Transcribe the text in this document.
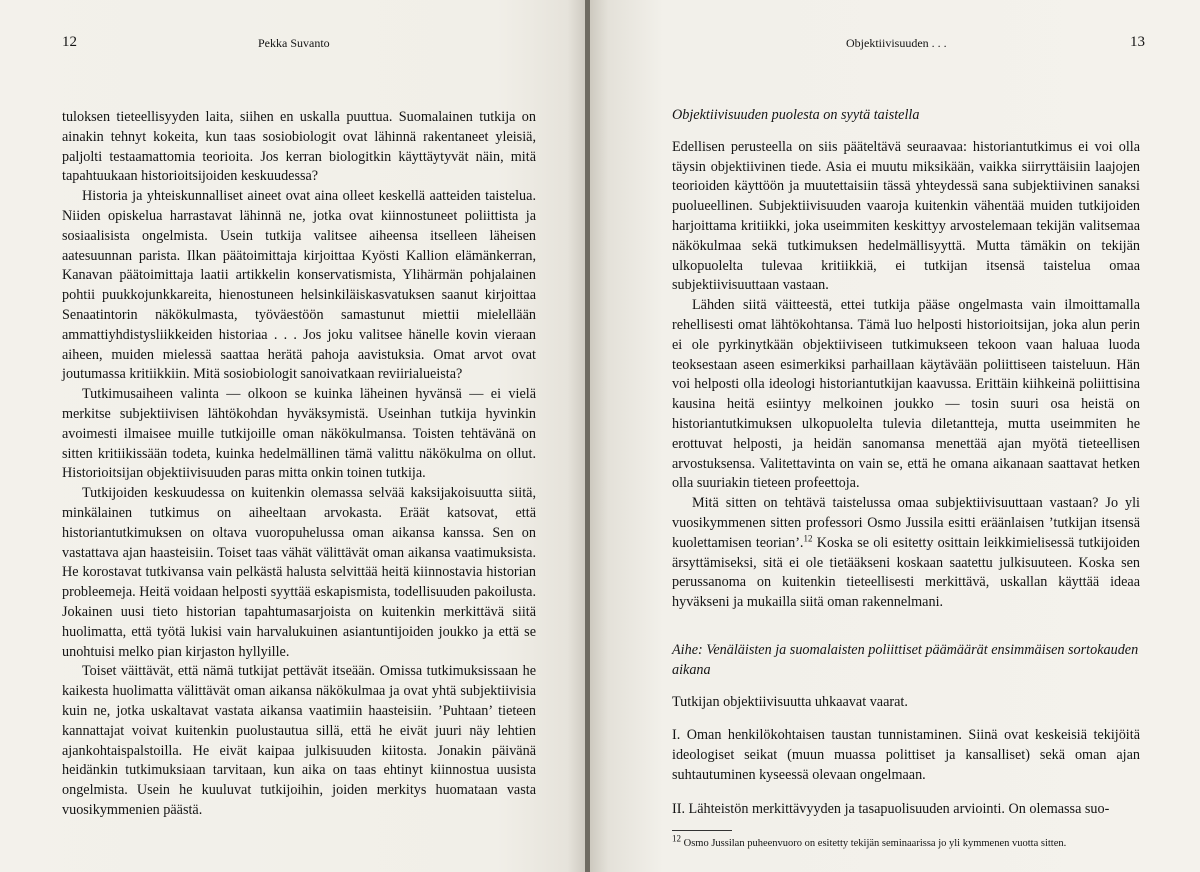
12	Pekka Suvanto

tuloksen tieteellisyyden laita, siihen en uskalla puuttua. Suomalainen tutkija on ainakin tehnyt kokeita, kun taas sosiobiologit ovat lähinnä rakentaneet yleisiä, paljolti testaamattomia teorioita. Jos kerran biologitkin käyttäytyvät näin, mitä tapahtuukaan historioitsijoiden keskuudessa?

Historia ja yhteiskunnalliset aineet ovat aina olleet keskellä aatteiden taistelua. Niiden opiskelua harrastavat lähinnä ne, jotka ovat kiinnostuneet poliittista ja sosiaalisista ongelmista. Usein tutkija valitsee aiheensa itselleen läheisen aatesuunnan parista. Ilkan päätoimittaja kirjoittaa Kyösti Kallion elämänkerran, Kanavan päätoimittaja laatii artikkelin konservatismista, Ylihärmän pohjalainen pohtii puukkojunkkareita, hienostuneen helsinkiläiskasvatuksen saanut kirjoittaa Senaatintorin näkökulmasta, työväestöön samastunut miettii mielellään ammattiyhdistysliikkeiden historiaa . . . Jos joku valitsee hänelle kovin vieraan aiheen, muiden mielessä saattaa herätä pahoja aavistuksia. Omat arvot ovat joutumassa kritiikkiin. Mitä sosiobiologit sanoivatkaan reviirialueista?

Tutkimusaiheen valinta — olkoon se kuinka läheinen hyvänsä — ei vielä merkitse subjektiivisen lähtökohdan hyväksymistä. Useinhan tutkija hyvinkin avoimesti ilmaisee muille tutkijoille oman näkökulmansa. Toisten tehtävänä on sitten kritiikissään todeta, kuinka hedelmällinen tämä valittu näkökulma on ollut. Historioitsijan objektiivisuuden paras mitta onkin toinen tutkija.

Tutkijoiden keskuudessa on kuitenkin olemassa selvää kaksijakoisuutta siitä, minkälainen tutkimus on aiheeltaan arvokasta. Eräät katsovat, että historiantutkimuksen on oltava vuoropuhelussa oman aikansa kanssa. Sen on vastattava ajan haasteisiin. Toiset taas vähät välittävät oman aikansa vaatimuksista. He korostavat tutkivansa vain pelkästä halusta selvittää heitä kiinnostavia historian probleemeja. Heitä voidaan helposti syyttää eskapismista, todellisuuden pakoilusta. Jokainen uusi tieto historian tapahtumasarjoista on kuitenkin merkittävä siitä huolimatta, että työtä lukisi vain harvalukuinen asiantuntijoiden joukko ja että se unohtuisi melko pian kirjaston hyllyille.

Toiset väittävät, että nämä tutkijat pettävät itseään. Omissa tutkimuksissaan he kaikesta huolimatta välittävät oman aikansa näkökulmaa ja ovat yhtä subjektiivisia kuin ne, jotka uskaltavat vastata aikansa vaatimiin haasteisiin. ’Puhtaan’ tieteen kannattajat voivat kuitenkin puolustautua sillä, että he eivät juuri näy lehtien ajankohtaispalstoilla. He eivät kaipaa julkisuuden kiitosta. Jonakin päivänä heidänkin tutkimuksiaan tarvitaan, kun aika on taas ehtinyt kiinnostua uusista ongelmista. Usein he kuuluvat tutkijoihin, joiden merkitys huomataan vasta vuosikymmenien päästä.

Objektiivisuuden . . .	13

Objektiivisuuden puolesta on syytä taistella

Edellisen perusteella on siis pääteltävä seuraavaa: historiantutkimus ei voi olla täysin objektiivinen tiede. Asia ei muutu miksikään, vaikka siirryttäisiin laajojen teorioiden käyttöön ja muutettaisiin tässä yhteydessä sana subjektiivinen sanaksi puolueellinen. Subjektiivisuuden vaaroja kuitenkin vähentää muiden tutkijoiden harjoittama kritiikki, joka useimmiten keskittyy arvostelemaan tekijän valitsemaa näkökulmaa sekä tutkimuksen hedelmällisyyttä. Mutta tämäkin on tekijän ulkopuolelta tulevaa kritiikkiä, ei tutkijan itsensä taistelua omaa subjektiivisuuttaan vastaan.

Lähden siitä väitteestä, ettei tutkija pääse ongelmasta vain ilmoittamalla rehellisesti omat lähtökohtansa. Tämä luo helposti historioitsijan, joka alun perin ei ole pyrkinytkään objektiiviseen tutkimukseen tekoon vaan haluaa luoda teoksestaan aseen esimerkiksi parhaillaan käytävään poliittiseen taisteluun. Hän voi helposti olla ideologi historiantutkijan kaavussa. Erittäin kiihkeinä poliittisina kausina heitä esiintyy melkoinen joukko — tosin suuri osa heistä on historiantutkimuksen ulkopuolelta tulevia diletantteja, mutta useimmiten he erottuvat helposti, ja heidän sanomansa menettää ajan myötä tieteellisen arvostuksensa. Valitettavinta on vain se, että he omana aikanaan saattavat hetken olla suuriakin tieteen profeettoja.

Mitä sitten on tehtävä taistelussa omaa subjektiivisuuttaan vastaan? Jo yli vuosikymmenen sitten professori Osmo Jussila esitti eräänlaisen ’tutkijan itsensä kuolettamisen teorian’.$^{12}$ Koska se oli esitetty osittain leikkimielisessä tutkijoiden ärsyttämiseksi, sitä ei ole tietääkseni koskaan saatettu julkisuuteen. Koska sen perussanoma on kuitenkin tieteellisesti merkittävä, uskallan käyttää ideaa hyväkseni ja mukailla siitä oman rakennelmani.

Aihe: Venäläisten ja suomalaisten poliittiset päämäärät ensimmäisen sortokauden aikana

Tutkijan objektiivisuutta uhkaavat vaarat.

I. Oman henkilökohtaisen taustan tunnistaminen. Siinä ovat keskeisiä tekijöitä ideologiset seikat (muun muassa polittiset ja kansalliset) sekä oman ajan suhtautuminen kyseessä olevaan ongelmaan.

II. Lähteistön merkittävyyden ja tasapuolisuuden arviointi. On olemassa suo-

$^{12}$ Osmo Jussilan puheenvuoro on esitetty tekijän seminaarissa jo yli kymmenen vuotta sitten.
